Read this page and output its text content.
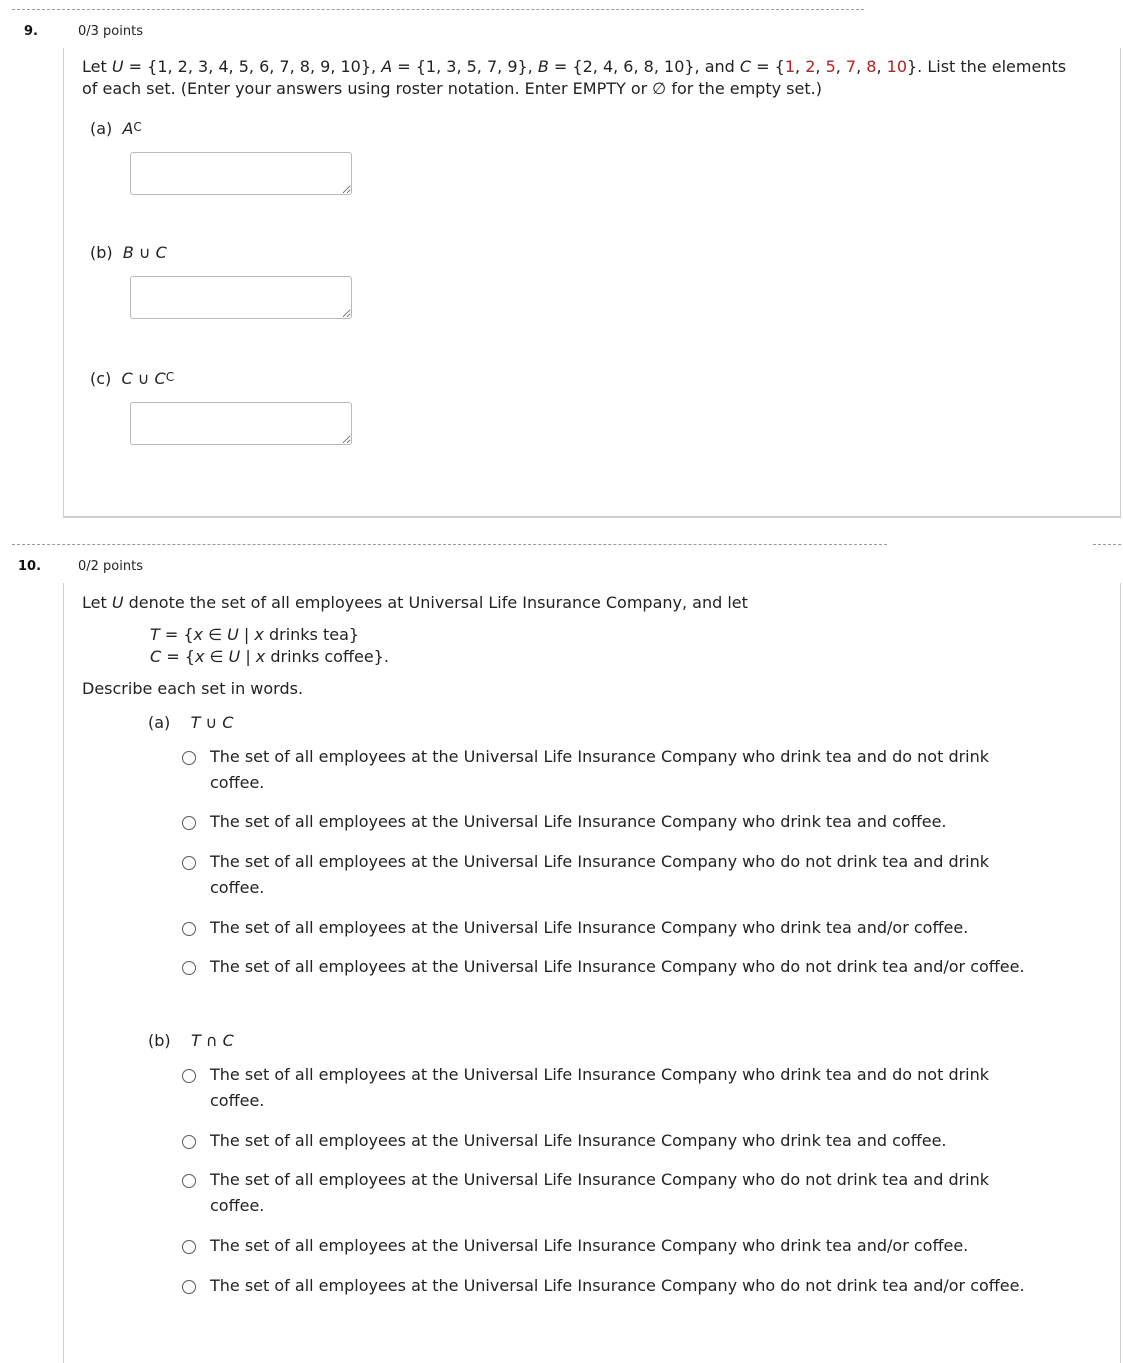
9.	0/3 points
Let U = {1, 2, 3, 4, 5, 6, 7, 8, 9, 10}, A = {1, 3, 5, 7, 9}, B = {2, 4, 6, 8, 10}, and C = {1, 2, 5, 7, 8, 10}. List the elements
of each set. (Enter your answers using roster notation. Enter EMPTY or ∅ for the empty set.)
(a) $A^C$
(b) B ∪ C
(c) C ∪ $C^C$
10.	0/2 points
Let U denote the set of all employees at Universal Life Insurance Company, and let
T = {x ∈ U | x drinks tea}
C = {x ∈ U | x drinks coffee}.
Describe each set in words.
(a) T ∪ C
The set of all employees at the Universal Life Insurance Company who drink tea and do not drink coffee.
The set of all employees at the Universal Life Insurance Company who drink tea and coffee.
The set of all employees at the Universal Life Insurance Company who do not drink tea and drink coffee.
The set of all employees at the Universal Life Insurance Company who drink tea and/or coffee.
The set of all employees at the Universal Life Insurance Company who do not drink tea and/or coffee.
(b) T ∩ C
The set of all employees at the Universal Life Insurance Company who drink tea and do not drink coffee.
The set of all employees at the Universal Life Insurance Company who drink tea and coffee.
The set of all employees at the Universal Life Insurance Company who do not drink tea and drink coffee.
The set of all employees at the Universal Life Insurance Company who drink tea and/or coffee.
The set of all employees at the Universal Life Insurance Company who do not drink tea and/or coffee.
